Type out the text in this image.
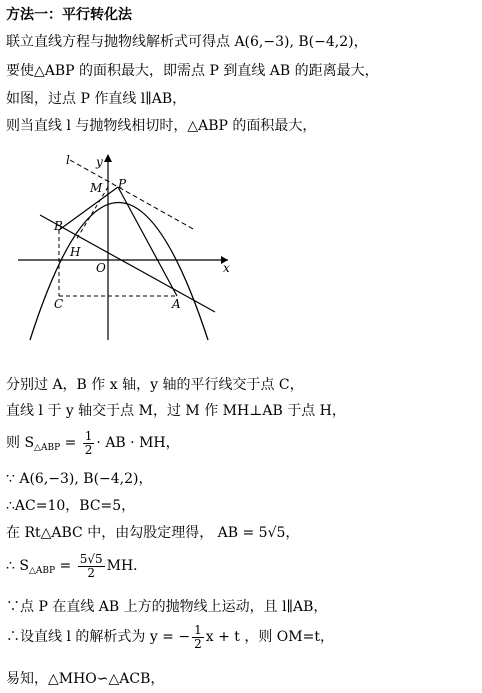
方法一：平行转化法
联立直线方程与抛物线解析式可得点 A(6,−3), B(−4,2)，
要使△ABP 的面积最大，即需点 P 到直线 AB 的距离最大，
如图，过点 P 作直线 l∥AB，
则当直线 l 与抛物线相切时，△ABP 的面积最大，
l y
M P
B
H
O	x
C	A
分别过 A，B 作 x 轴，y 轴的平行线交于点 C，
直线 l 于 y 轴交于点 M，过 M 作 MH⊥AB 于点 H，
则 $S_{\triangle ABP} = \frac{1}{2}$ · AB · MH，
∵ A(6,−3), B(−4,2)，
∴AC=10，BC=5，
在 Rt△ABC 中，由勾股定理得， AB = 5√5，
∴ $S_{\triangle ABP} = \frac{5√5}{2}$ MH．
∵点 P 在直线 AB 上方的抛物线上运动，且 l∥AB，
∴设直线 l 的解析式为 y = − $\frac{1}{2}$ x + t ，则 OM=t，
易知，△MHO∽△ACB，
